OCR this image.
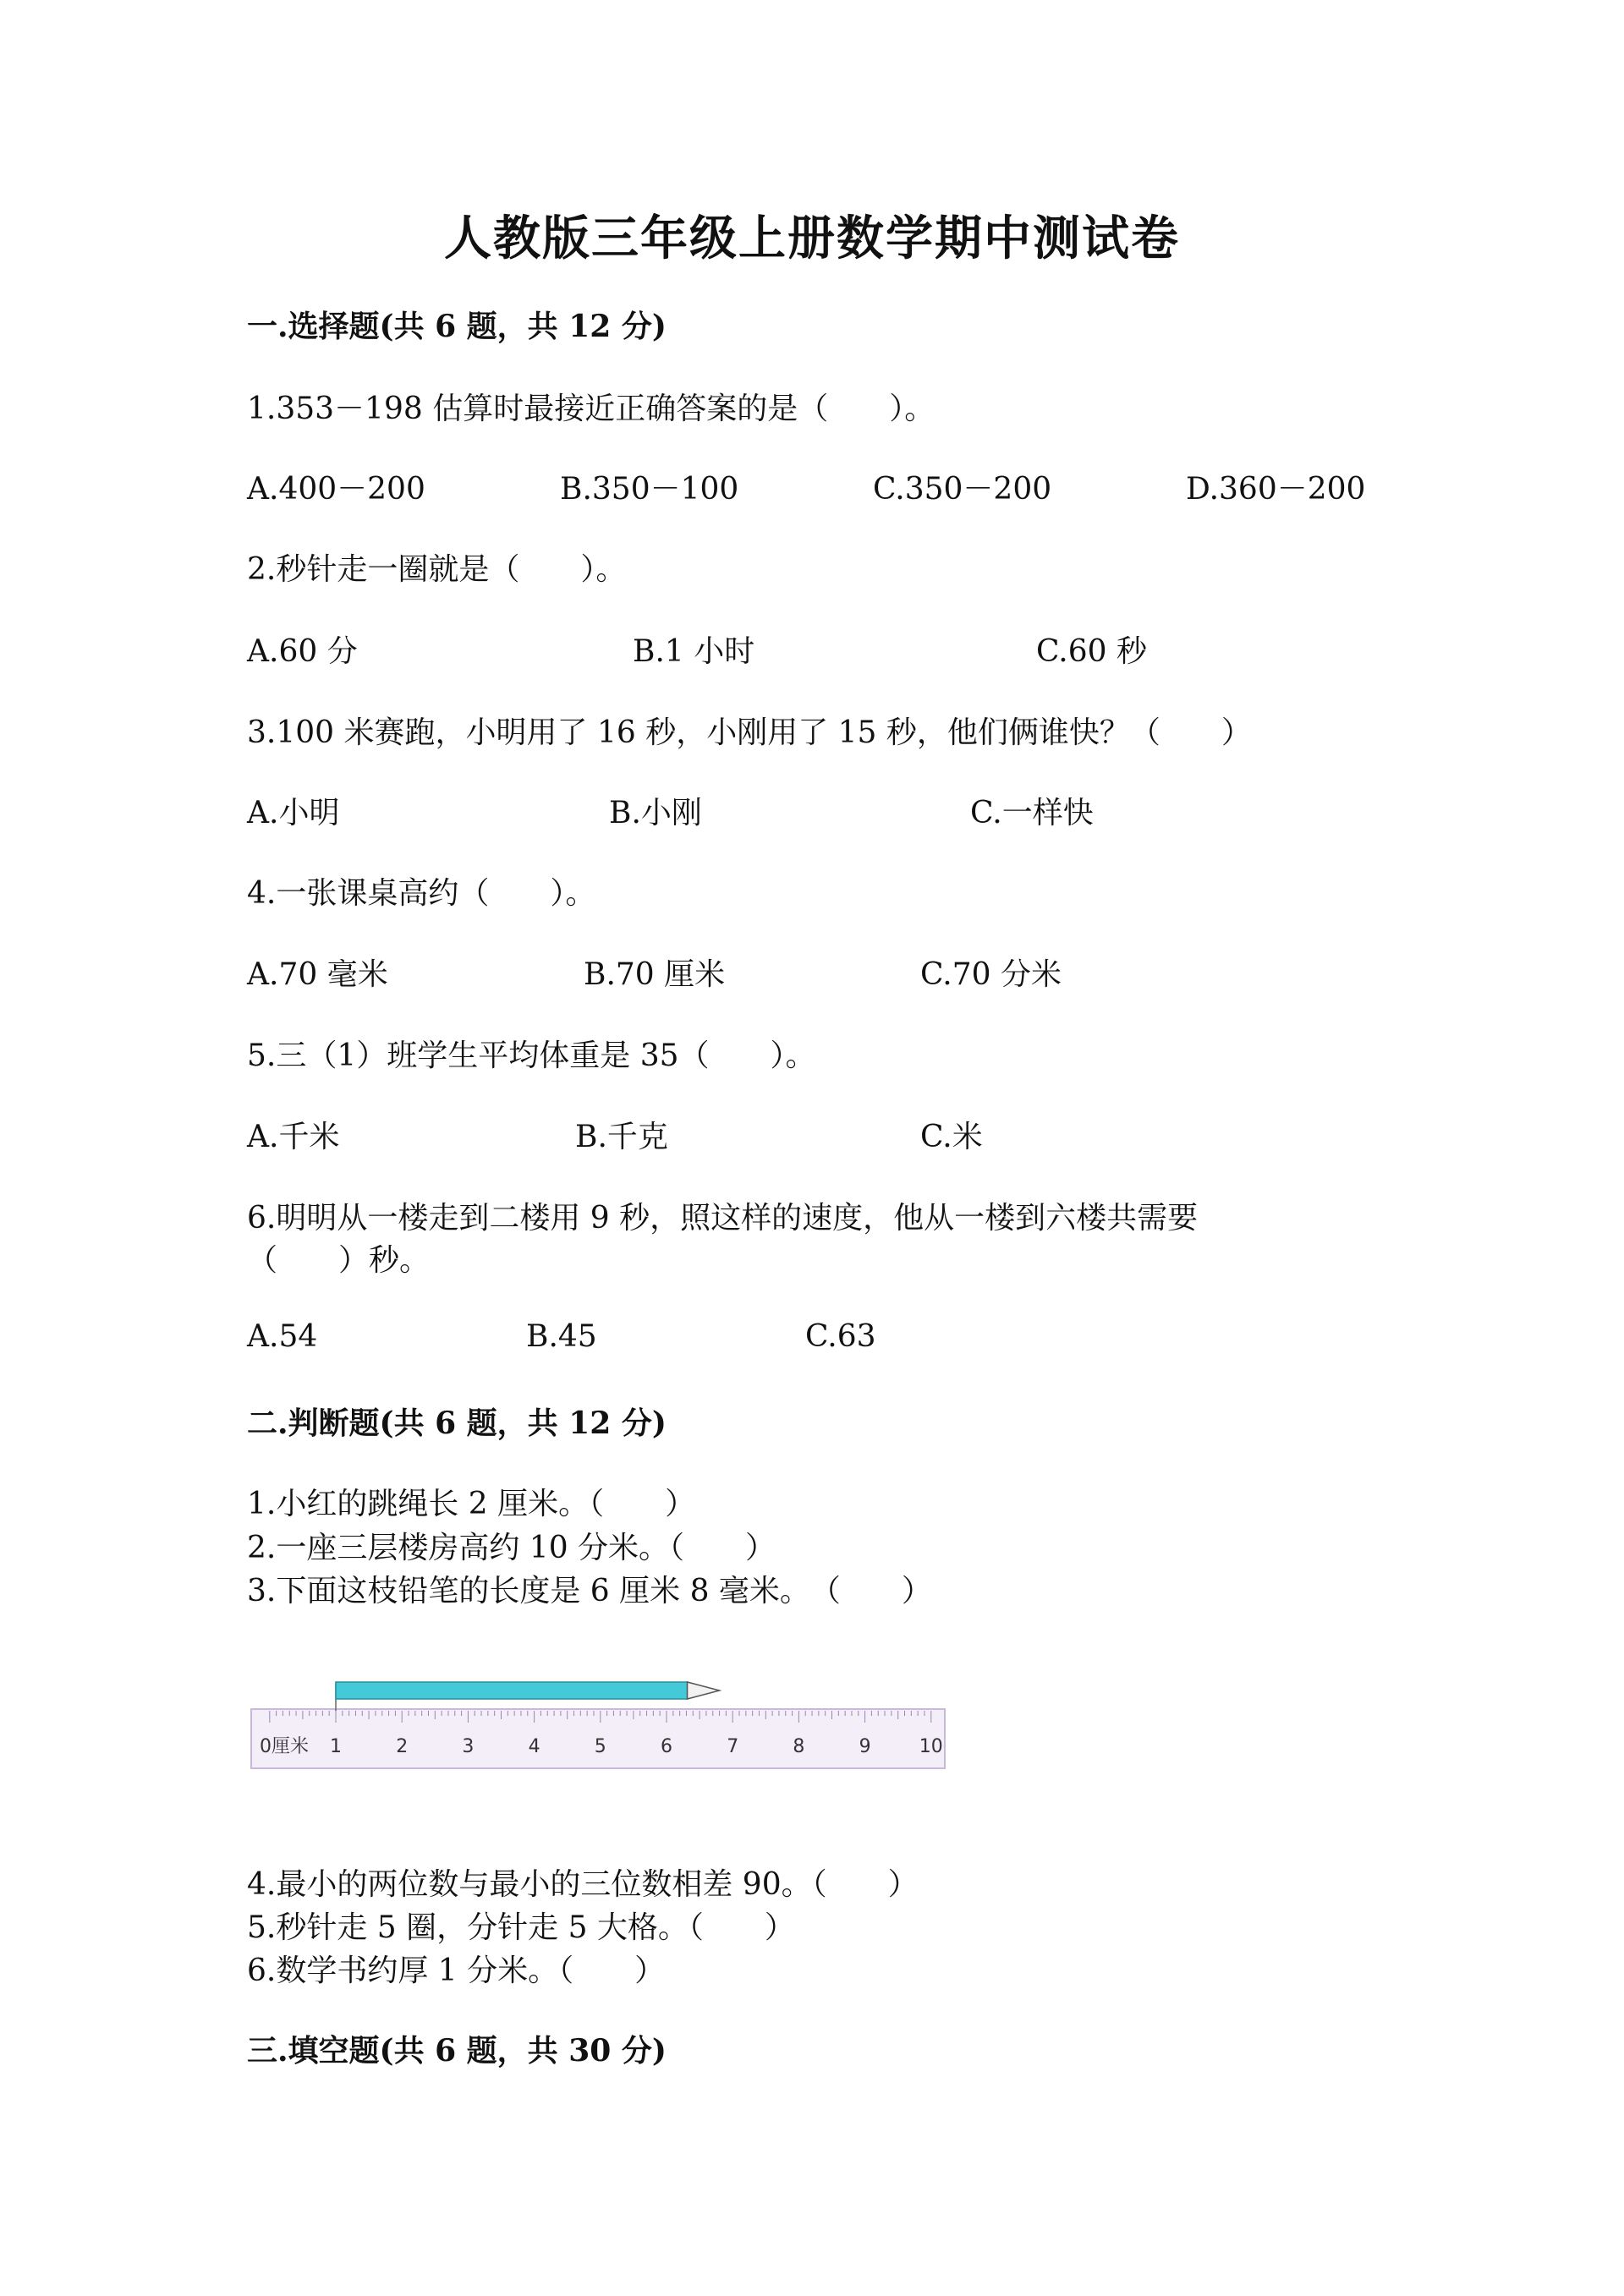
人教版三年级上册数学期中测试卷
一.选择题(共 6 题，共 12 分)
1.353－198 估算时最接近正确答案的是（　　）。
A.400－200	B.350－100	C.350－200	D.360－200
2.秒针走一圈就是（　　）。
A.60 分	B.1 小时	C.60 秒
3.100 米赛跑，小明用了 16 秒，小刚用了 15 秒，他们俩谁快？（　　）
A.小明	B.小刚	C.一样快
4.一张课桌高约（　　）。
A.70 毫米	B.70 厘米	C.70 分米
5.三（1）班学生平均体重是 35（　　）。
A.千米	B.千克	C.米
6.明明从一楼走到二楼用 9 秒，照这样的速度，他从一楼到六楼共需要
（　　）秒。
A.54	B.45	C.63
二.判断题(共 6 题，共 12 分)
1.小红的跳绳长 2 厘米。（　　）
2.一座三层楼房高约 10 分米。（　　）
3.下面这枝铅笔的长度是 6 厘米 8 毫米。　（　　）
0厘米 1	2	3	4	5	6	7	8	9	10
4.最小的两位数与最小的三位数相差 90。（　　）
5.秒针走 5 圈，分针走 5 大格。（　　）
6.数学书约厚 1 分米。（　　）
三.填空题(共 6 题，共 30 分)
